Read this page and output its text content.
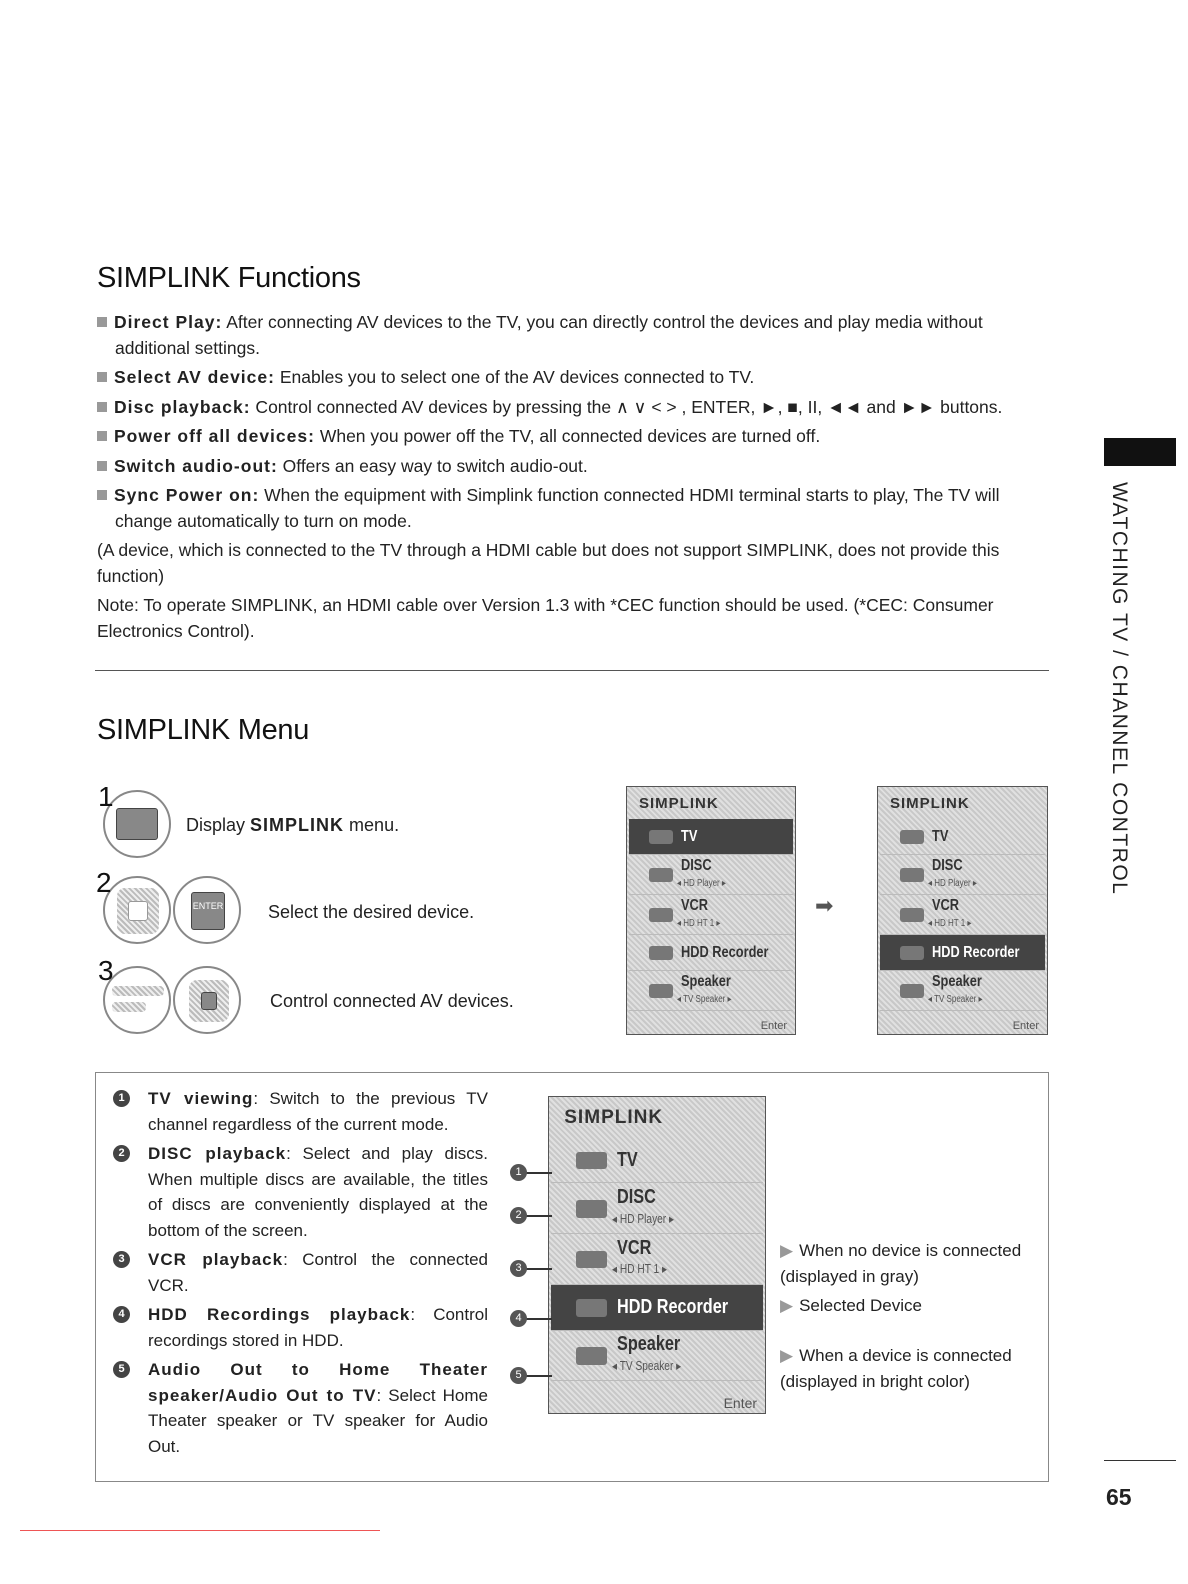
SIMPLINK Functions
Direct Play: After connecting AV devices to the TV, you can directly control the devices and play media without additional settings.
Select AV device: Enables you to select one of the AV devices connected to TV.
Disc playback: Control connected AV devices by pressing the ∧ ∨ < > , ENTER, ►, ■, II, ◄◄ and ►► buttons.
Power off all devices: When you power off the TV, all connected devices are turned off.
Switch audio-out: Offers an easy way to switch audio-out.
Sync Power on: When the equipment with Simplink function connected HDMI terminal starts to play, The TV will change automatically to turn on mode.
(A device, which is connected to the TV through a HDMI cable but does not support SIMPLINK, does not provide this function)
Note: To operate SIMPLINK, an HDMI cable over Version 1.3 with *CEC function should be used. (*CEC: Consumer Electronics Control).	WATCHING TV / CHANNEL CONTROL
SIMPLINK Menu
1
Display SIMPLINK menu.
2
ENTER Select the desired device.
3
Control connected AV devices.
SIMPLINK
TV
DISC
◂ HD Player ▸
VCR
◂ HD HT 1 ▸
HDD Recorder
Speaker
◂ TV Speaker ▸
Enter
➡
SIMPLINK
TV
DISC
◂ HD Player ▸
VCR
◂ HD HT 1 ▸
HDD Recorder
Speaker
◂ TV Speaker ▸
Enter
1	TV viewing: Switch to the previous TV channel regardless of the current mode.
2	DISC playback: Select and play discs. When multiple discs are available, the titles of discs are conveniently displayed at the bottom of the screen.
3	VCR playback: Control the connected VCR.
4	HDD Recordings playback: Control recordings stored in HDD.
5	Audio Out to Home Theater speaker/Audio Out to TV: Select Home Theater speaker or TV speaker for Audio Out.
SIMPLINK
TV
DISC
◂ HD Player ▸
VCR
◂ HD HT 1 ▸
HDD Recorder
Speaker
◂ TV Speaker ▸
Enter
1
2
3
4
5
▶ When no device is connected (displayed in gray)
▶ Selected Device
▶ When a device is connected (displayed in bright color)
65
